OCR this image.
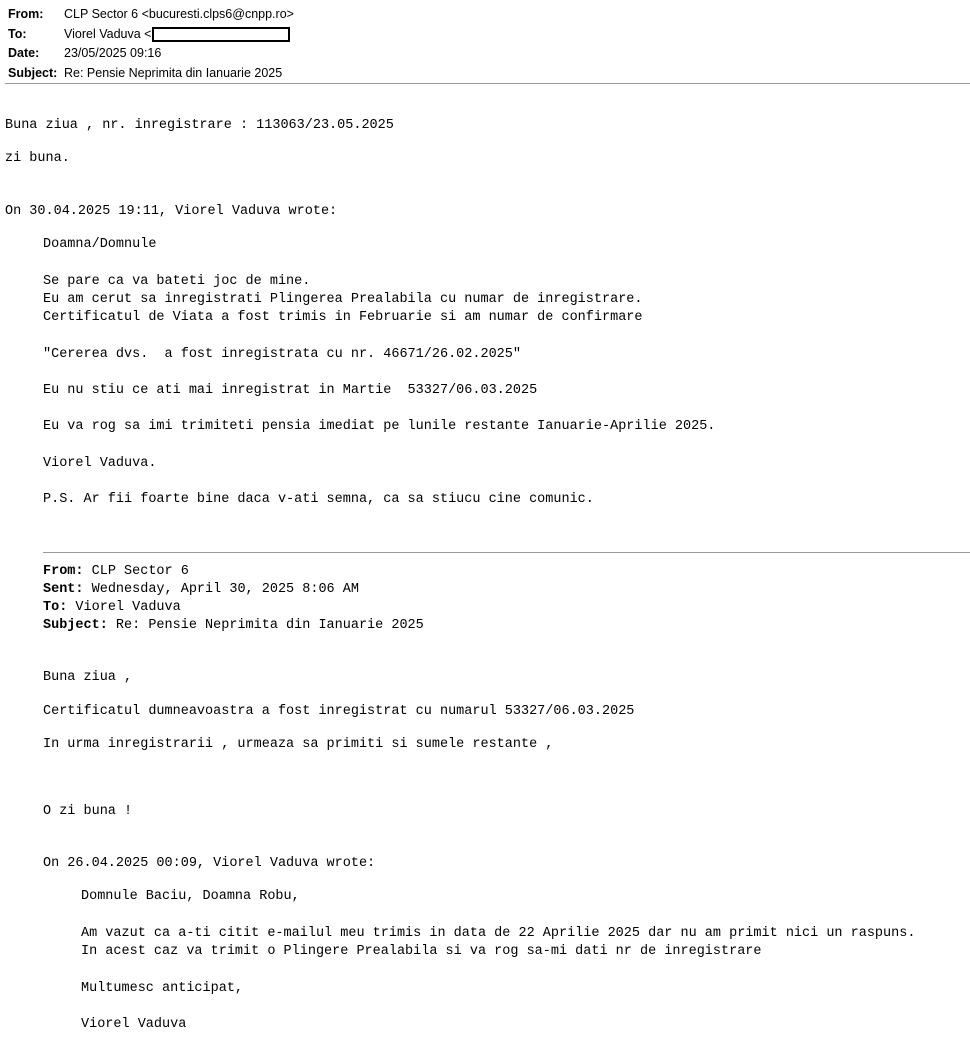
From: CLP Sector 6 <bucuresti.clps6@cnpp.ro>
To:	Viorel Vaduva <
Date: 23/05/2025 09:16
Subject: Re: Pensie Neprimita din Ianuarie 2025
Buna ziua , nr. inregistrare : 113063/23.05.2025
zi buna.
On 30.04.2025 19:11, Viorel Vaduva wrote:
Doamna/Domnule
Se pare ca va bateti joc de mine.
Eu am cerut sa inregistrati Plingerea Prealabila cu numar de inregistrare.
Certificatul de Viata a fost trimis in Februarie si am numar de confirmare
"Cererea dvs.  a fost inregistrata cu nr. 46671/26.02.2025"
Eu nu stiu ce ati mai inregistrat in Martie  53327/06.03.2025
Eu va rog sa imi trimiteti pensia imediat pe lunile restante Ianuarie-Aprilie 2025.
Viorel Vaduva.
P.S. Ar fii foarte bine daca v-ati semna, ca sa stiucu cine comunic.
From: CLP Sector 6
Sent: Wednesday, April 30, 2025 8:06 AM
To: Viorel Vaduva
Subject: Re: Pensie Neprimita din Ianuarie 2025
Buna ziua ,
Certificatul dumneavoastra a fost inregistrat cu numarul 53327/06.03.2025
In urma inregistrarii , urmeaza sa primiti si sumele restante ,
O zi buna !
On 26.04.2025 00:09, Viorel Vaduva wrote:
Domnule Baciu, Doamna Robu,
Am vazut ca a-ti citit e-mailul meu trimis in data de 22 Aprilie 2025 dar nu am primit nici un raspuns.
In acest caz va trimit o Plingere Prealabila si va rog sa-mi dati nr de inregistrare
Multumesc anticipat,
Viorel Vaduva
